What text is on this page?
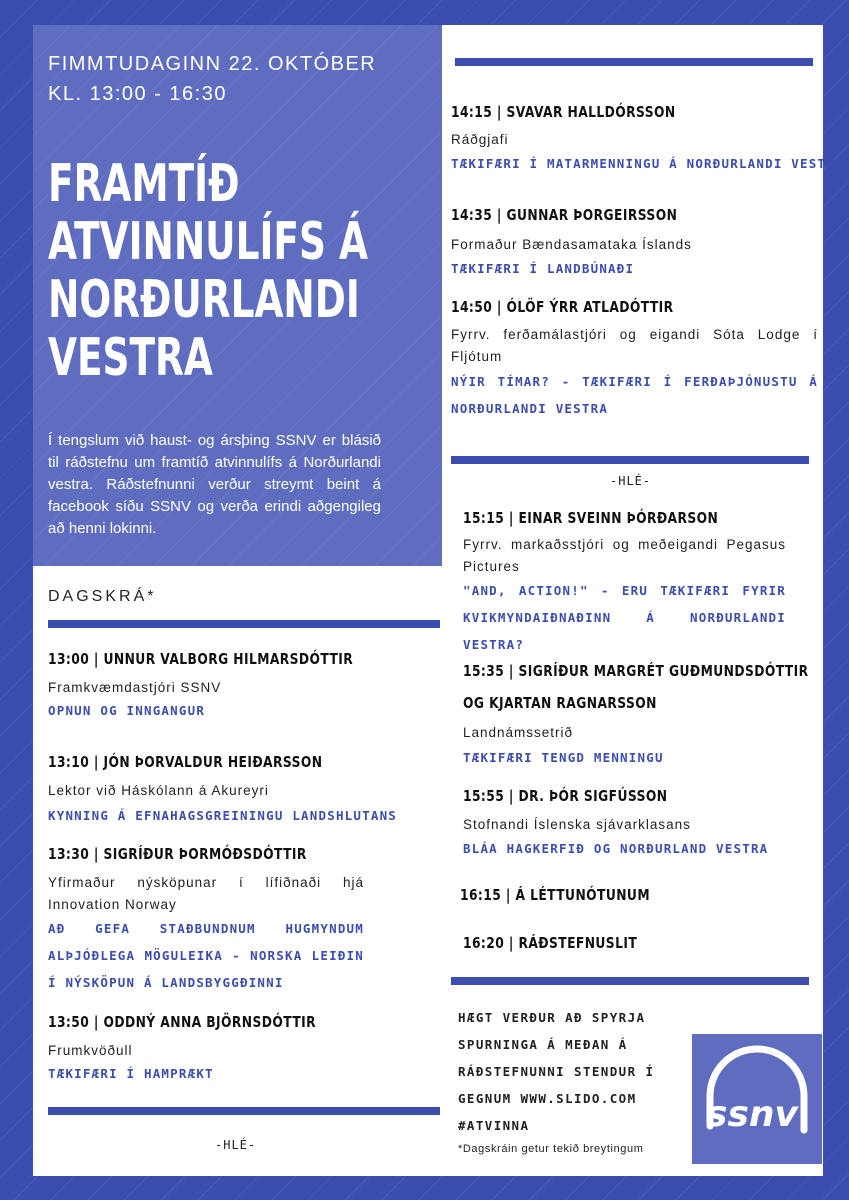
FIMMTUDAGINN 22. OKTÓBER
KL. 13:00 - 16:30
FRAMTÍÐ
ATVINNULÍFS Á
NORÐURLANDI
VESTRA
Í tengslum við haust- og ársþing SSNV er blásið til ráðstefnu um framtíð atvinnulífs á Norðurlandi vestra. Ráðstefnunni verður streymt beint á facebook síðu SSNV og verða erindi aðgengileg að henni lokinni.
DAGSKRÁ*
13:00 | UNNUR VALBORG HILMARSDÓTTIR
Framkvæmdastjóri SSNV
OPNUN OG INNGANGUR
13:10 | JÓN ÞORVALDUR HEIÐARSSON
Lektor við Háskólann á Akureyri
KYNNING Á EFNAHAGSGREININGU LANDSHLUTANS
13:30 | SIGRÍÐUR ÞORMÓÐSDÓTTIR
Yfirmaður nýsköpunar í lífiðnaði hjá Innovation Norway
AÐ GEFA STAÐBUNDNUM HUGMYNDUM ALÞJÓÐLEGA MÖGULEIKA - NORSKA LEIÐIN Í NÝSKÖPUN Á LANDSBYGGÐINNI
13:50 | ODDNÝ ANNA BJÖRNSDÓTTIR
Frumkvöðull
TÆKIFÆRI Í HAMPRÆKT
-HLÉ-
14:15 | SVAVAR HALLDÓRSSON
Ráðgjafi
TÆKIFÆRI Í MATARMENNINGU Á NORÐURLANDI VESTRA
14:35 | GUNNAR ÞORGEIRSSON
Formaður Bændasamataka Íslands
TÆKIFÆRI Í LANDBÚNAÐI
14:50 | ÓLÖF ÝRR ATLADÓTTIR
Fyrrv. ferðamálastjóri og eigandi Sóta Lodge í Fljótum
NÝIR TÍMAR? - TÆKIFÆRI Í FERÐAÞJÓNUSTU Á NORÐURLANDI VESTRA
-HLÉ-
15:15 | EINAR SVEINN ÞÓRÐARSON
Fyrrv. markaðsstjóri og meðeigandi Pegasus Pictures
"AND, ACTION!" - ERU TÆKIFÆRI FYRIR KVIKMYNDAIÐNAÐINN Á NORÐURLANDI VESTRA?
15:35 | SIGRÍÐUR MARGRÉT GUÐMUNDSDÓTTIR
OG KJARTAN RAGNARSSON
Landnámssetrið
TÆKIFÆRI TENGD MENNINGU
15:55 | DR. ÞÓR SIGFÚSSON
Stofnandi Íslenska sjávarklasans
BLÁA HAGKERFIÐ OG NORÐURLAND VESTRA
16:15 | Á LÉTTUNÓTUNUM
16:20 | RÁÐSTEFNUSLIT
HÆGT VERÐUR AÐ SPYRJA
SPURNINGA Á MEÐAN Á
RÁÐSTEFNUNNI STENDUR Í
GEGNUM WWW.SLIDO.COM
#ATVINNA
*Dagskráin getur tekið breytingum
ssnv
